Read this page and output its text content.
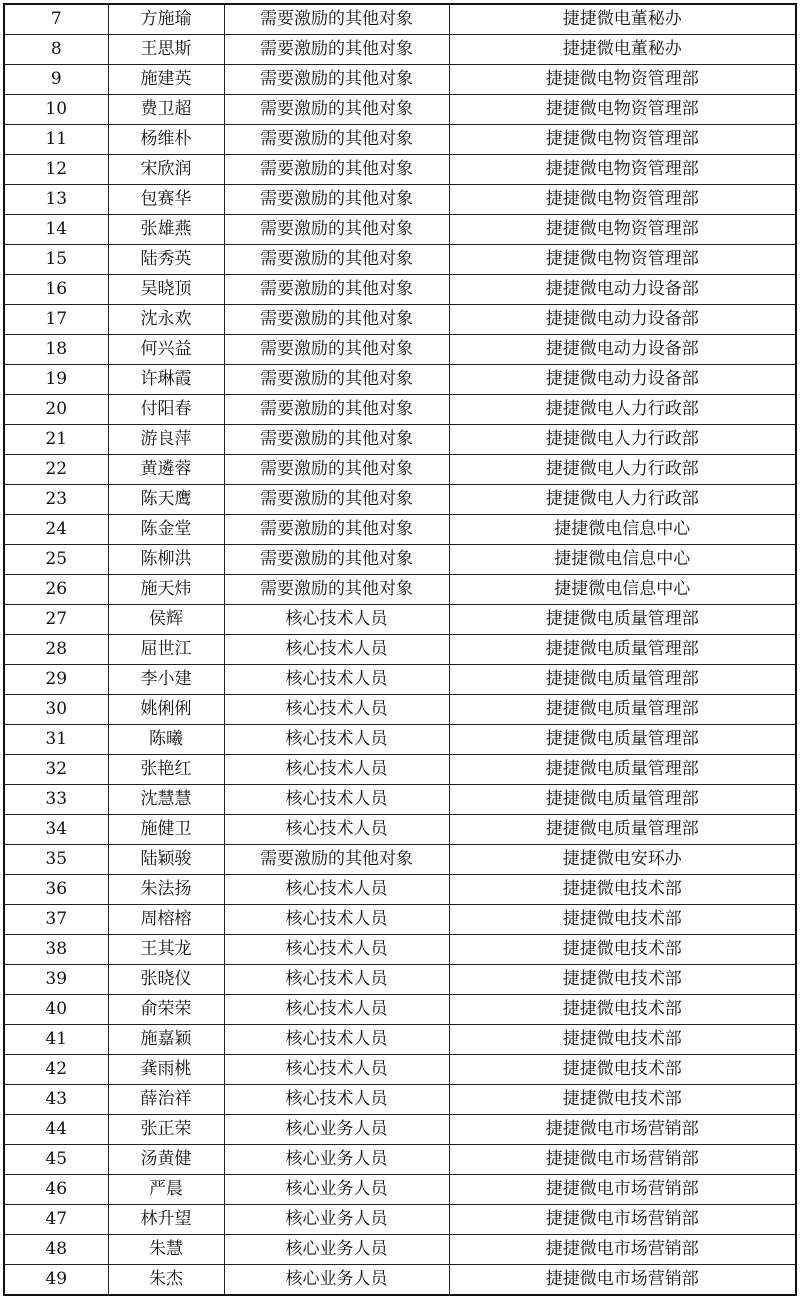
7	方施瑜	需要激励的其他对象	捷捷微电董秘办
8	王思斯	需要激励的其他对象	捷捷微电董秘办
9	施建英	需要激励的其他对象	捷捷微电物资管理部
10	费卫超	需要激励的其他对象	捷捷微电物资管理部
11	杨维朴	需要激励的其他对象	捷捷微电物资管理部
12	宋欣润	需要激励的其他对象	捷捷微电物资管理部
13	包赛华	需要激励的其他对象	捷捷微电物资管理部
14	张雄燕	需要激励的其他对象	捷捷微电物资管理部
15	陆秀英	需要激励的其他对象	捷捷微电物资管理部
16	吴晓顶	需要激励的其他对象	捷捷微电动力设备部
17	沈永欢	需要激励的其他对象	捷捷微电动力设备部
18	何兴益	需要激励的其他对象	捷捷微电动力设备部
19	许琳霞	需要激励的其他对象	捷捷微电动力设备部
20	付阳春	需要激励的其他对象	捷捷微电人力行政部
21	游良萍	需要激励的其他对象	捷捷微电人力行政部
22	黄遴蓉	需要激励的其他对象	捷捷微电人力行政部
23	陈天鹰	需要激励的其他对象	捷捷微电人力行政部
24	陈金堂	需要激励的其他对象	捷捷微电信息中心
25	陈柳洪	需要激励的其他对象	捷捷微电信息中心
26	施天炜	需要激励的其他对象	捷捷微电信息中心
27	侯辉	核心技术人员	捷捷微电质量管理部
28	屈世江	核心技术人员	捷捷微电质量管理部
29	李小建	核心技术人员	捷捷微电质量管理部
30	姚俐俐	核心技术人员	捷捷微电质量管理部
31	陈曦	核心技术人员	捷捷微电质量管理部
32	张艳红	核心技术人员	捷捷微电质量管理部
33	沈慧慧	核心技术人员	捷捷微电质量管理部
34	施健卫	核心技术人员	捷捷微电质量管理部
35	陆颖骏	需要激励的其他对象	捷捷微电安环办
36	朱法扬	核心技术人员	捷捷微电技术部
37	周榕榕	核心技术人员	捷捷微电技术部
38	王其龙	核心技术人员	捷捷微电技术部
39	张晓仪	核心技术人员	捷捷微电技术部
40	俞荣荣	核心技术人员	捷捷微电技术部
41	施嘉颖	核心技术人员	捷捷微电技术部
42	龚雨桃	核心技术人员	捷捷微电技术部
43	薛治祥	核心技术人员	捷捷微电技术部
44	张正荣	核心业务人员	捷捷微电市场营销部
45	汤黄健	核心业务人员	捷捷微电市场营销部
46	严晨	核心业务人员	捷捷微电市场营销部
47	林升望	核心业务人员	捷捷微电市场营销部
48	朱慧	核心业务人员	捷捷微电市场营销部
49	朱杰	核心业务人员	捷捷微电市场营销部
